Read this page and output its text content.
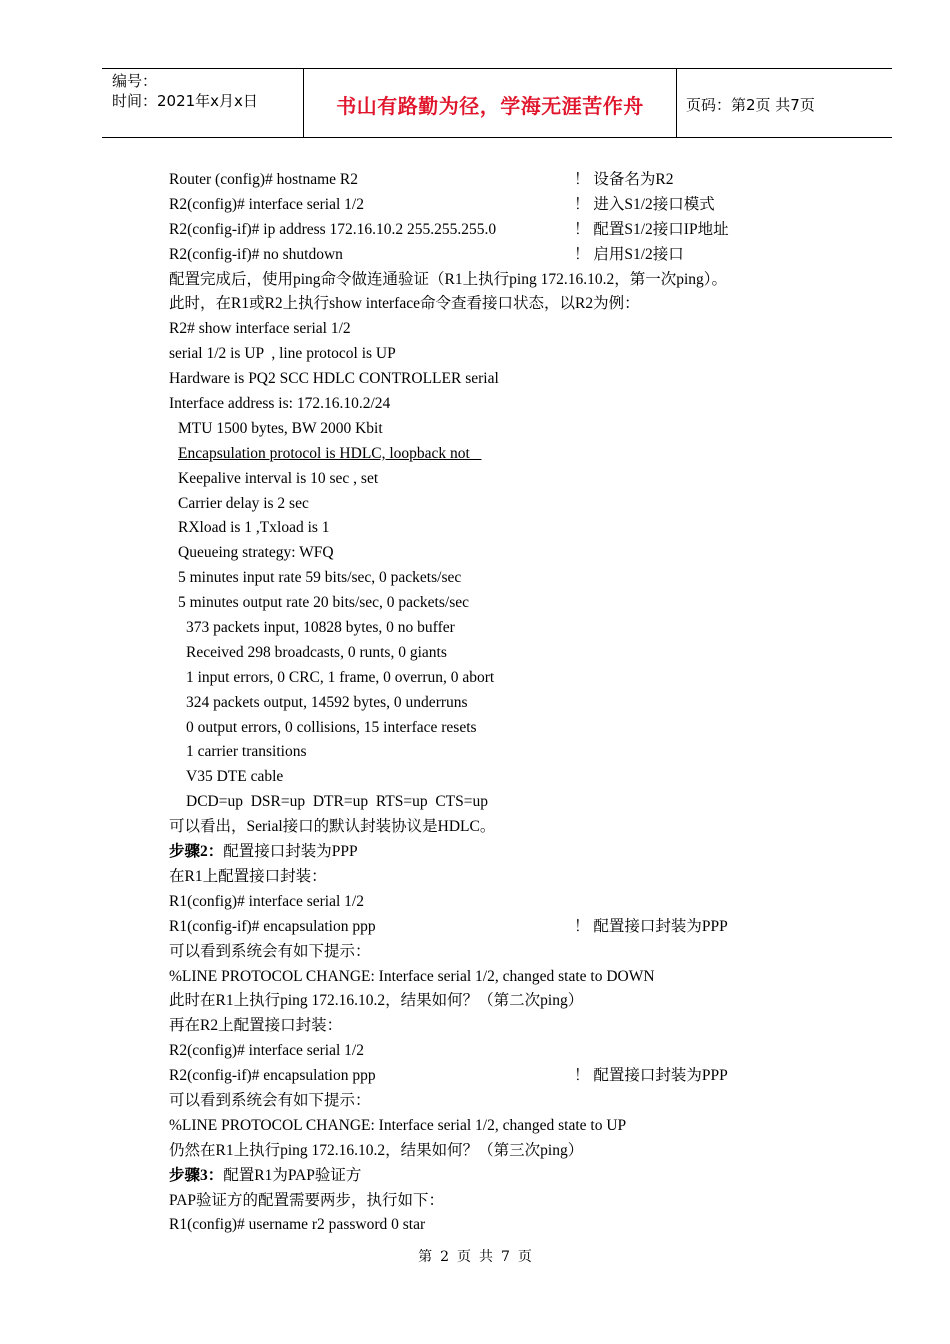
编号：
时间：2021年x月x日	书山有路勤为径，学海无涯苦作舟	页码：第2页 共7页
Router (config)# hostname R2	！ 设备名为R2
R2(config)# interface serial 1/2	！ 进入S1/2接口模式
R2(config-if)# ip address 172.16.10.2 255.255.255.0	！ 配置S1/2接口IP地址
R2(config-if)# no shutdown	！ 启用S1/2接口
配置完成后，使用ping命令做连通验证（R1上执行ping 172.16.10.2，第一次ping）。
此时，在R1或R2上执行show interface命令查看接口状态，以R2为例：
R2# show interface serial 1/2
serial 1/2 is UP  , line protocol is UP
Hardware is PQ2 SCC HDLC CONTROLLER serial
Interface address is: 172.16.10.2/24
MTU 1500 bytes, BW 2000 Kbit
Encapsulation protocol is HDLC, loopback not
Keepalive interval is 10 sec , set
Carrier delay is 2 sec
RXload is 1 ,Txload is 1
Queueing strategy: WFQ
5 minutes input rate 59 bits/sec, 0 packets/sec
5 minutes output rate 20 bits/sec, 0 packets/sec
373 packets input, 10828 bytes, 0 no buffer
Received 298 broadcasts, 0 runts, 0 giants
1 input errors, 0 CRC, 1 frame, 0 overrun, 0 abort
324 packets output, 14592 bytes, 0 underruns
0 output errors, 0 collisions, 15 interface resets
1 carrier transitions
V35 DTE cable
DCD=up  DSR=up  DTR=up  RTS=up  CTS=up
可以看出，Serial接口的默认封装协议是HDLC。
步骤2：配置接口封装为PPP
在R1上配置接口封装：
R1(config)# interface serial 1/2
R1(config-if)# encapsulation ppp	！ 配置接口封装为PPP
可以看到系统会有如下提示：
%LINE PROTOCOL CHANGE: Interface serial 1/2, changed state to DOWN
此时在R1上执行ping 172.16.10.2，结果如何？（第二次ping）
再在R2上配置接口封装：
R2(config)# interface serial 1/2
R2(config-if)# encapsulation ppp	！ 配置接口封装为PPP
可以看到系统会有如下提示：
%LINE PROTOCOL CHANGE: Interface serial 1/2, changed state to UP
仍然在R1上执行ping 172.16.10.2，结果如何？（第三次ping）
步骤3：配置R1为PAP验证方
PAP验证方的配置需要两步，执行如下：
R1(config)# username r2 password 0 star
第 2 页 共 7 页
